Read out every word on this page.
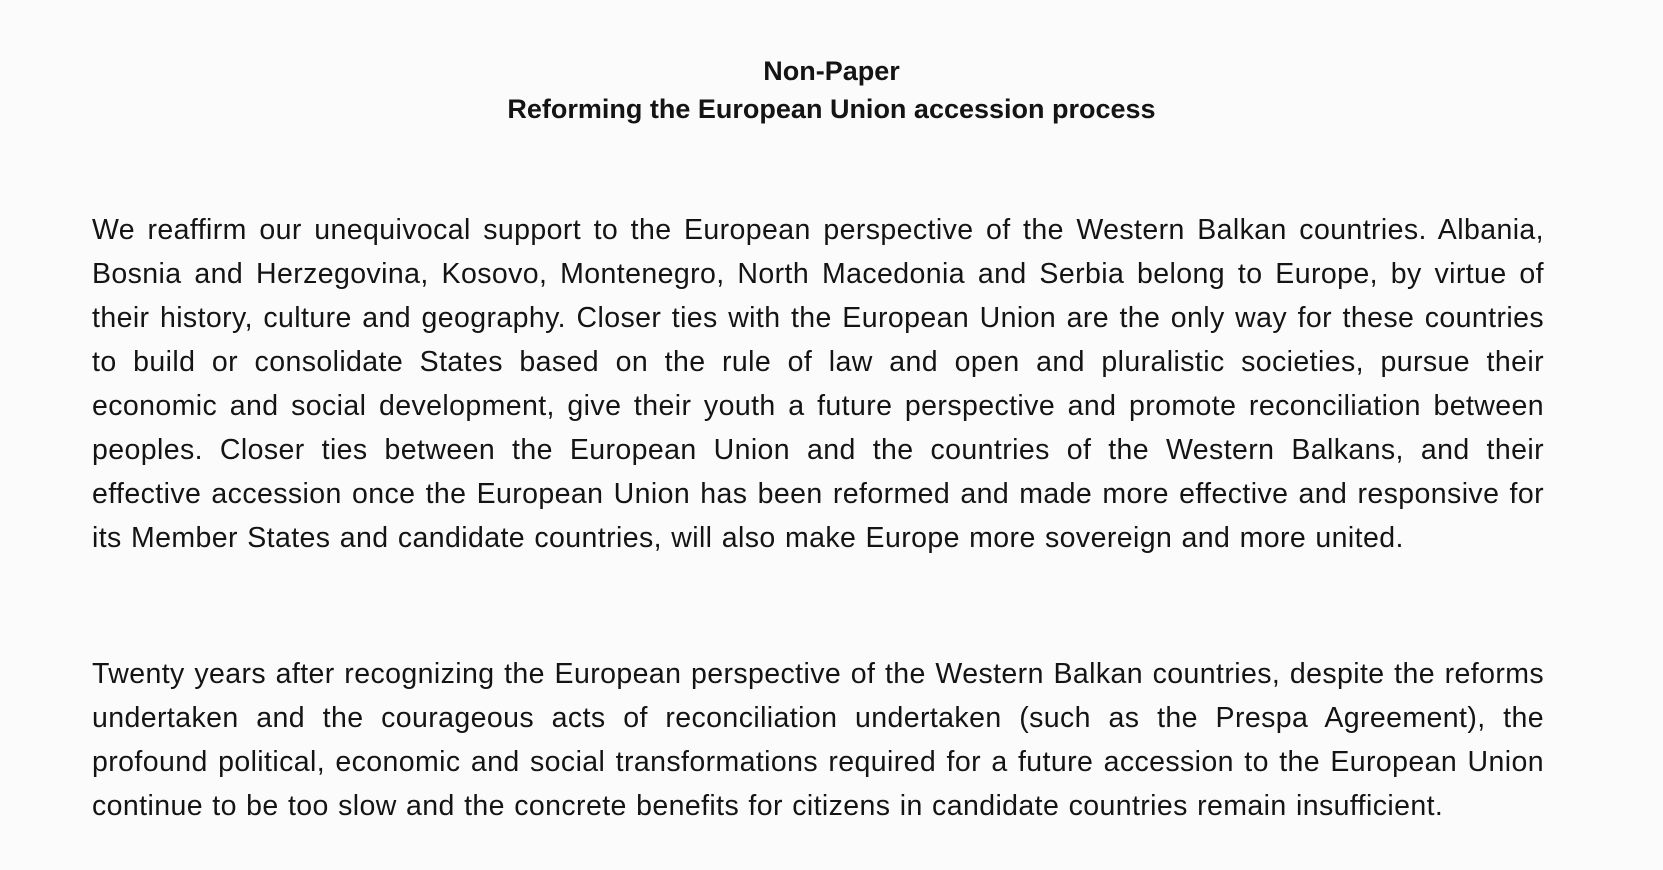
Non-Paper
Reforming the European Union accession process

We reaffirm our unequivocal support to the European perspective of the Western Balkan countries. Albania, Bosnia and Herzegovina, Kosovo, Montenegro, North Macedonia and Serbia belong to Europe, by virtue of their history, culture and geography. Closer ties with the European Union are the only way for these countries to build or consolidate States based on the rule of law and open and pluralistic societies, pursue their economic and social development, give their youth a future perspective and promote reconciliation between peoples. Closer ties between the European Union and the countries of the Western Balkans, and their effective accession once the European Union has been reformed and made more effective and responsive for its Member States and candidate countries, will also make Europe more sovereign and more united.

Twenty years after recognizing the European perspective of the Western Balkan countries, despite the reforms undertaken and the courageous acts of reconciliation undertaken (such as the Prespa Agreement), the profound political, economic and social transformations required for a future accession to the European Union continue to be too slow and the concrete benefits for citizens in candidate countries remain insufficient.
